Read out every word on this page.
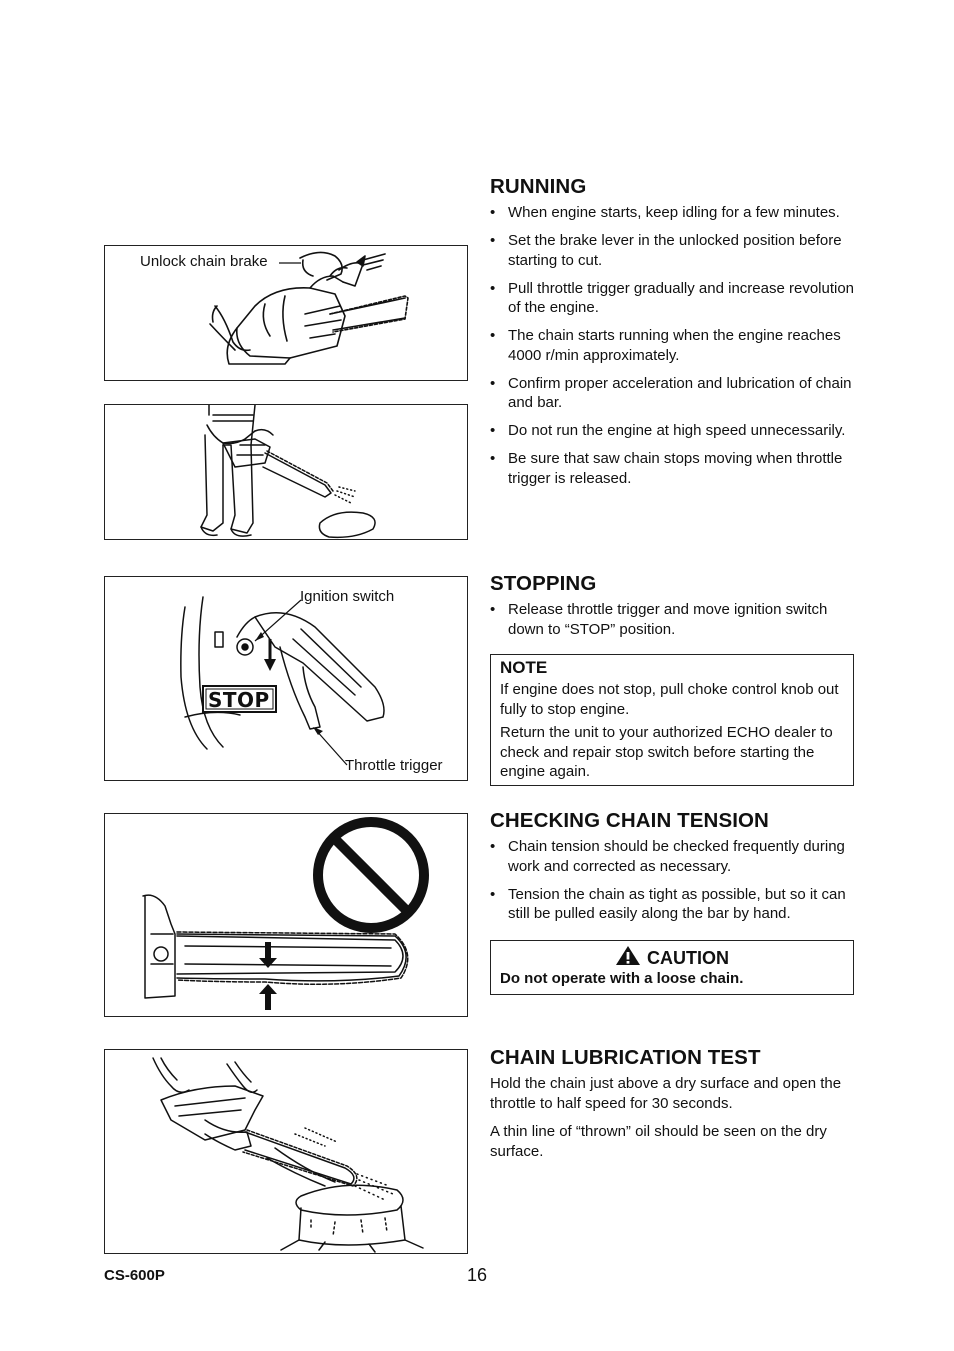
Unlock chain brake
STOP
Ignition switch
Throttle trigger
RUNNING
• When engine starts, keep idling for a few minutes.
• Set the brake lever in the unlocked position before starting to cut.
• Pull throttle trigger gradually and increase revolution of the engine.
• The chain starts running when the engine reaches 4000 r/min approximately.
• Confirm proper acceleration and lubrication of chain and bar.
• Do not run the engine at high speed unnecessarily.
• Be sure that saw chain stops moving when throttle trigger is released.
STOPPING
• Release throttle trigger and move ignition switch down to “STOP” position.
NOTE
If engine does not stop, pull choke control knob out fully to stop engine.
Return the unit to your authorized ECHO dealer to check and repair stop switch before starting the engine again.
CHECKING CHAIN TENSION
• Chain tension should be checked frequently during work and corrected as necessary.
• Tension the chain as tight as possible, but so it can still be pulled easily along the bar by hand.
CAUTION
Do not operate with a loose chain.
CHAIN LUBRICATION TEST

Hold the chain just above a dry surface and open the throttle to half speed for 30 seconds.

A thin line of “thrown” oil should be seen on the dry surface.

CS-600P	16
